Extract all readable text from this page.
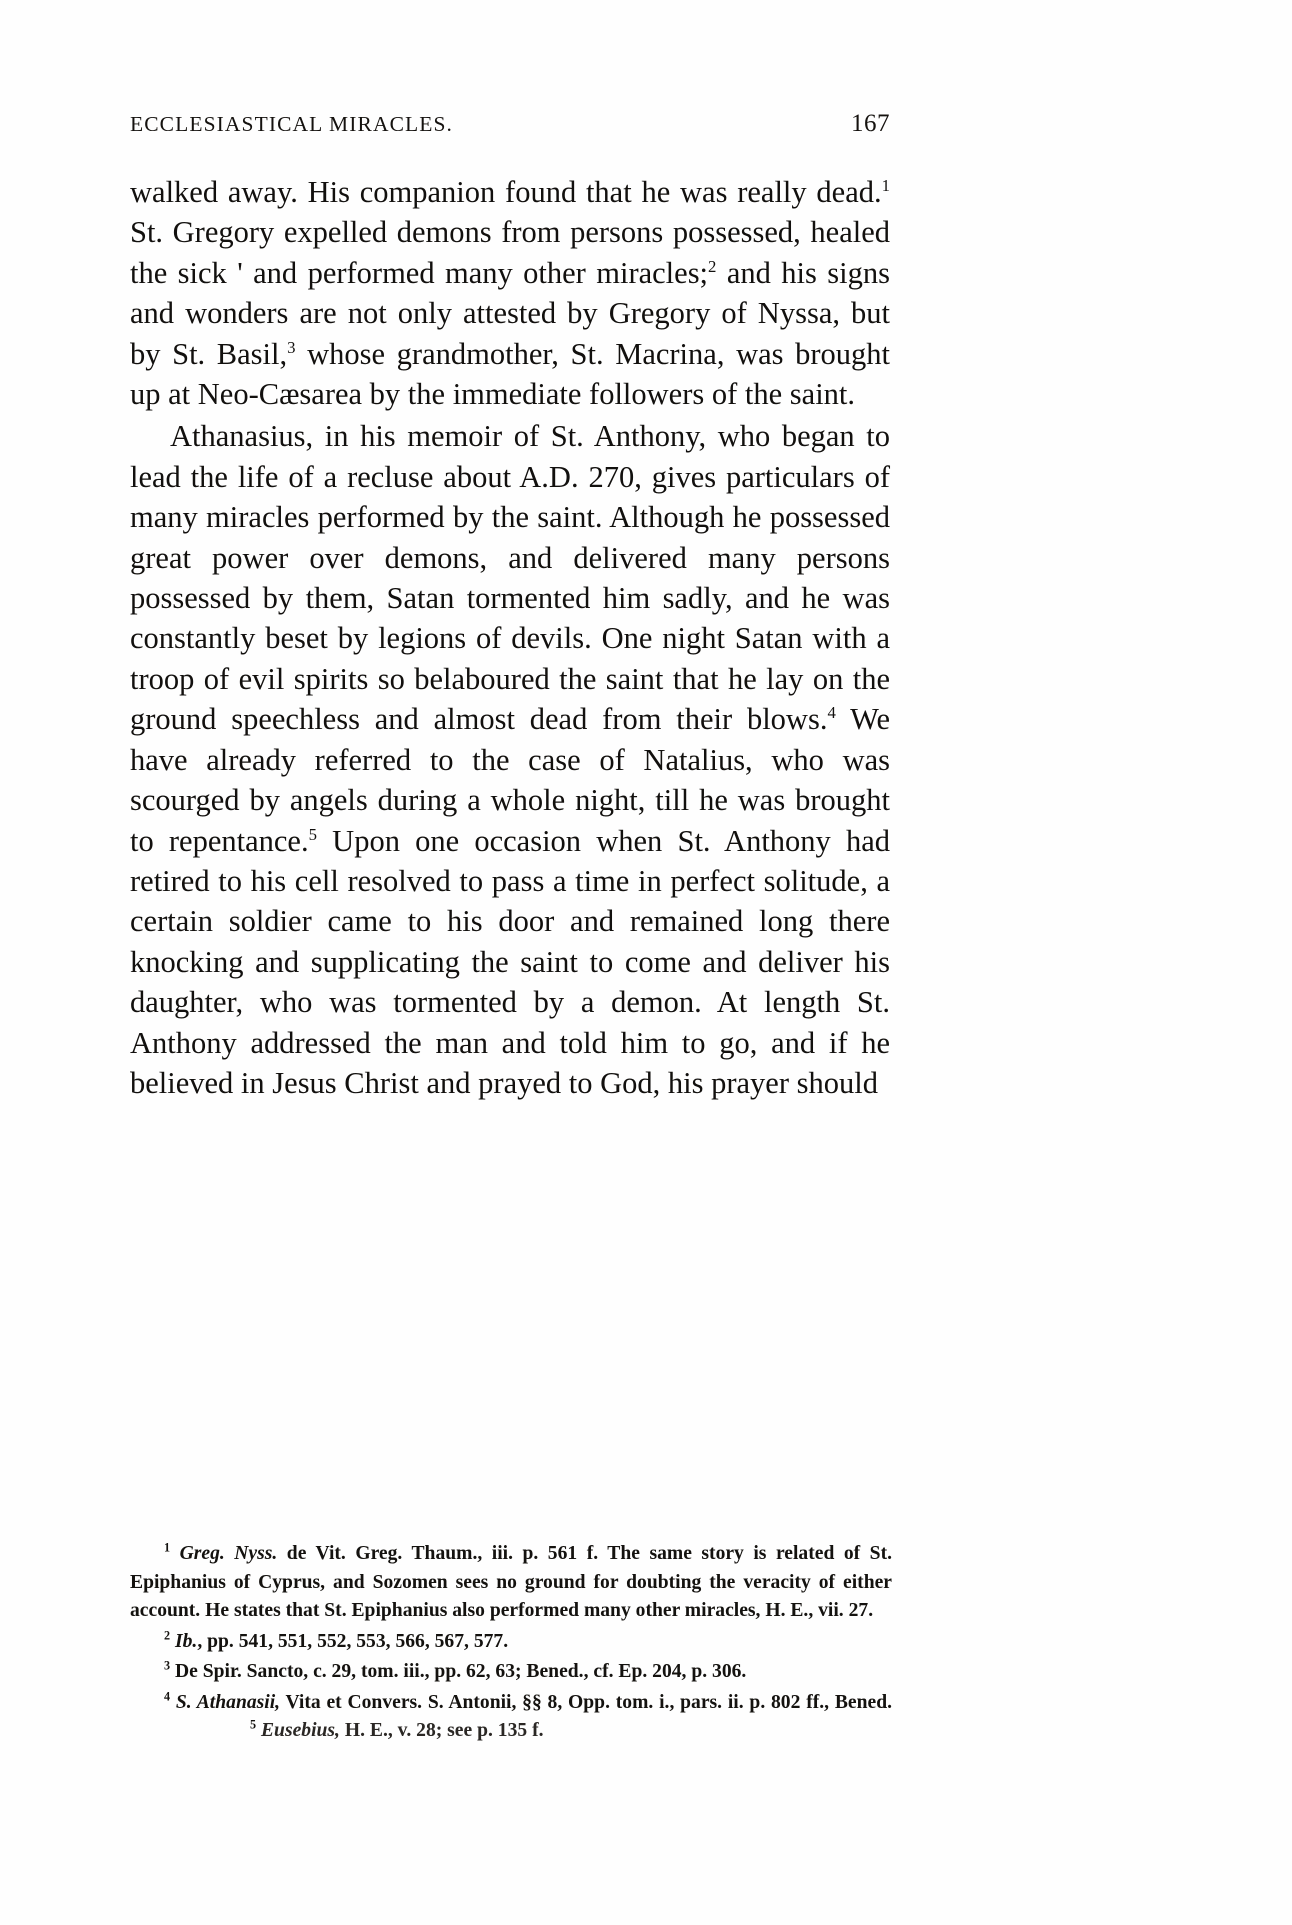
ECCLESIASTICAL MIRACLES.	167

walked away. His companion found that he was really dead.$^1$ St. Gregory expelled demons from persons possessed, healed the sick ' and performed many other miracles;$^2$ and his signs and wonders are not only attested by Gregory of Nyssa, but by St. Basil,$^3$ whose grandmother, St. Macrina, was brought up at Neo-Cæsarea by the immediate followers of the saint.

Athanasius, in his memoir of St. Anthony, who began to lead the life of a recluse about A.D. 270, gives particulars of many miracles performed by the saint. Although he possessed great power over demons, and delivered many persons possessed by them, Satan tormented him sadly, and he was constantly beset by legions of devils. One night Satan with a troop of evil spirits so belaboured the saint that he lay on the ground speechless and almost dead from their blows.$^4$ We have already referred to the case of Natalius, who was scourged by angels during a whole night, till he was brought to repentance.$^5$ Upon one occasion when St. Anthony had retired to his cell resolved to pass a time in perfect solitude, a certain soldier came to his door and remained long there knocking and supplicating the saint to come and deliver his daughter, who was tormented by a demon. At length St. Anthony addressed the man and told him to go, and if he believed in Jesus Christ and prayed to God, his prayer should

$^1$ Greg. Nyss. de Vit. Greg. Thaum., iii. p. 561 f. The same story is related of St. Epiphanius of Cyprus, and Sozomen sees no ground for doubting the veracity of either account. He states that St. Epiphanius also performed many other miracles, H. E., vii. 27.

$^2$ Ib., pp. 541, 551, 552, 553, 566, 567, 577.

$^3$ De Spir. Sancto, c. 29, tom. iii., pp. 62, 63; Bened., cf. Ep. 204, p. 306.

$^4$ S. Athanasii, Vita et Convers. S. Antonii, §§ 8, Opp. tom. i., pars. ii. p. 802 ff., Bened.$^5$ Eusebius, H. E., v. 28; see p. 135 f.
